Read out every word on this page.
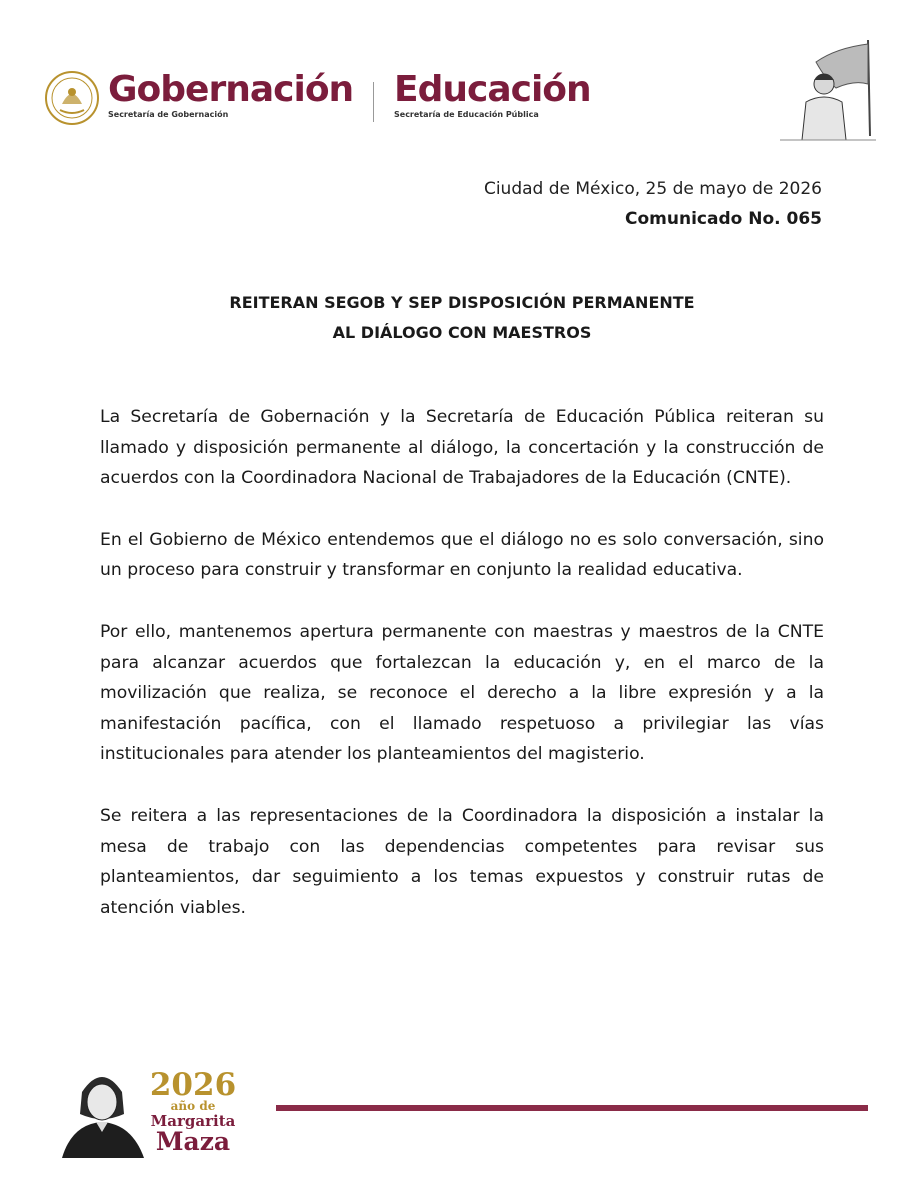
Gobernación
Secretaría de Gobernación
Educación
Secretaría de Educación Pública
Ciudad de México, 25 de mayo de 2026
Comunicado No. 065
REITERAN SEGOB Y SEP DISPOSICIÓN PERMANENTE
AL DIÁLOGO CON MAESTROS

La Secretaría de Gobernación y la Secretaría de Educación Pública reiteran su llamado y disposición permanente al diálogo, la concertación y la construcción de acuerdos con la Coordinadora Nacional de Trabajadores de la Educación (CNTE).

En el Gobierno de México entendemos que el diálogo no es solo conversación, sino un proceso para construir y transformar en conjunto la realidad educativa.

Por ello, mantenemos apertura permanente con maestras y maestros de la CNTE para alcanzar acuerdos que fortalezcan la educación y, en el marco de la movilización que realiza, se reconoce el derecho a la libre expresión y a la manifestación pacífica, con el llamado respetuoso a privilegiar las vías institucionales para atender los planteamientos del magisterio.

Se reitera a las representaciones de la Coordinadora la disposición a instalar la mesa de trabajo con las dependencias competentes para revisar sus planteamientos, dar seguimiento a los temas expuestos y construir rutas de atención viables.

2026
año de
Margarita
Maza
